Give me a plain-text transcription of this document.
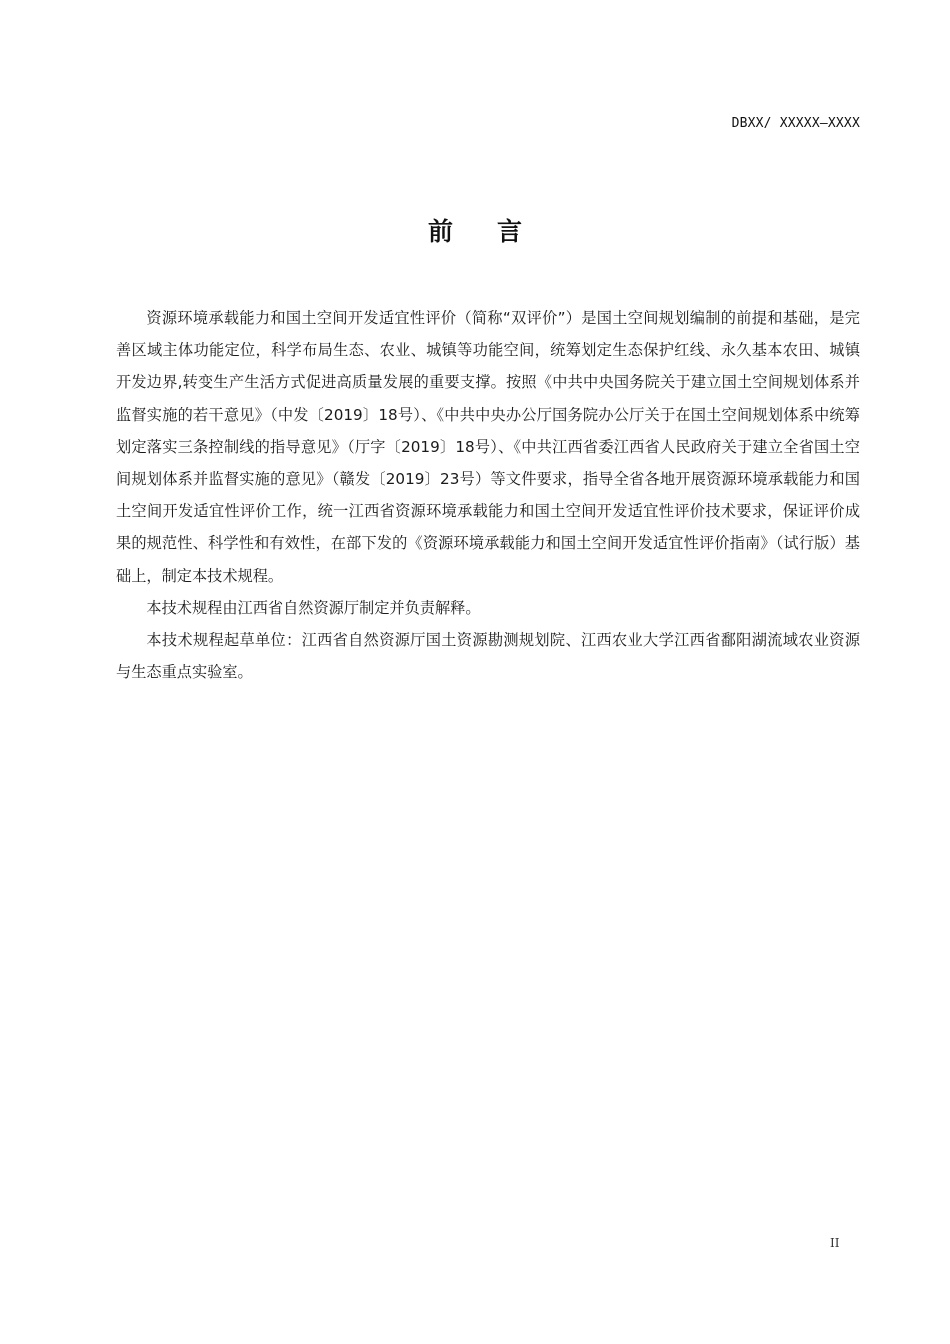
DBXX/ XXXXX—XXXX
前言

资源环境承载能力和国土空间开发适宜性评价（简称“双评价”）是国土空间规划编制的前提和基础，是完善区域主体功能定位，科学布局生态、农业、城镇等功能空间，统筹划定生态保护红线、永久基本农田、城镇开发边界,转变生产生活方式促进高质量发展的重要支撑。按照《中共中央国务院关于建立国土空间规划体系并监督实施的若干意见》（中发〔2019〕18号）、《中共中央办公厅国务院办公厅关于在国土空间规划体系中统筹划定落实三条控制线的指导意见》（厅字〔2019〕18号）、《中共江西省委江西省人民政府关于建立全省国土空间规划体系并监督实施的意见》（赣发〔2019〕23号）等文件要求，指导全省各地开展资源环境承载能力和国土空间开发适宜性评价工作，统一江西省资源环境承载能力和国土空间开发适宜性评价技术要求，保证评价成果的规范性、科学性和有效性，在部下发的《资源环境承载能力和国土空间开发适宜性评价指南》（试行版）基础上，制定本技术规程。

本技术规程由江西省自然资源厅制定并负责解释。

本技术规程起草单位：江西省自然资源厅国土资源勘测规划院、江西农业大学江西省鄱阳湖流域农业资源与生态重点实验室。

II
